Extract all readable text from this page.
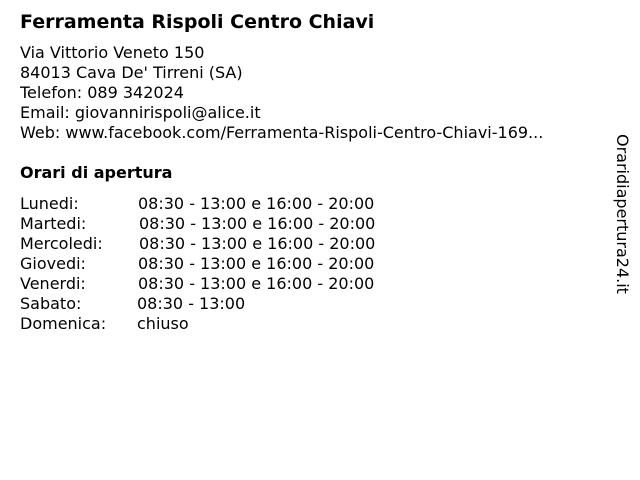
Ferramenta Rispoli Centro Chiavi
Via Vittorio Veneto 150
84013 Cava De' Tirreni (SA)
Telefon: 089 342024
Email: giovannirispoli@alice.it
Web: www.facebook.com/Ferramenta-Rispoli-Centro-Chiavi-169...
Orari di apertura
Lunedi:	08:30 - 13:00 e 16:00 - 20:00
Martedi:	08:30 - 13:00 e 16:00 - 20:00
Mercoledi: 08:30 - 13:00 e 16:00 - 20:00
Giovedi:	08:30 - 13:00 e 16:00 - 20:00
Venerdi:	08:30 - 13:00 e 16:00 - 20:00
Sabato:	08:30 - 13:00
Domenica: chiuso
Oraridiapertura24.it
